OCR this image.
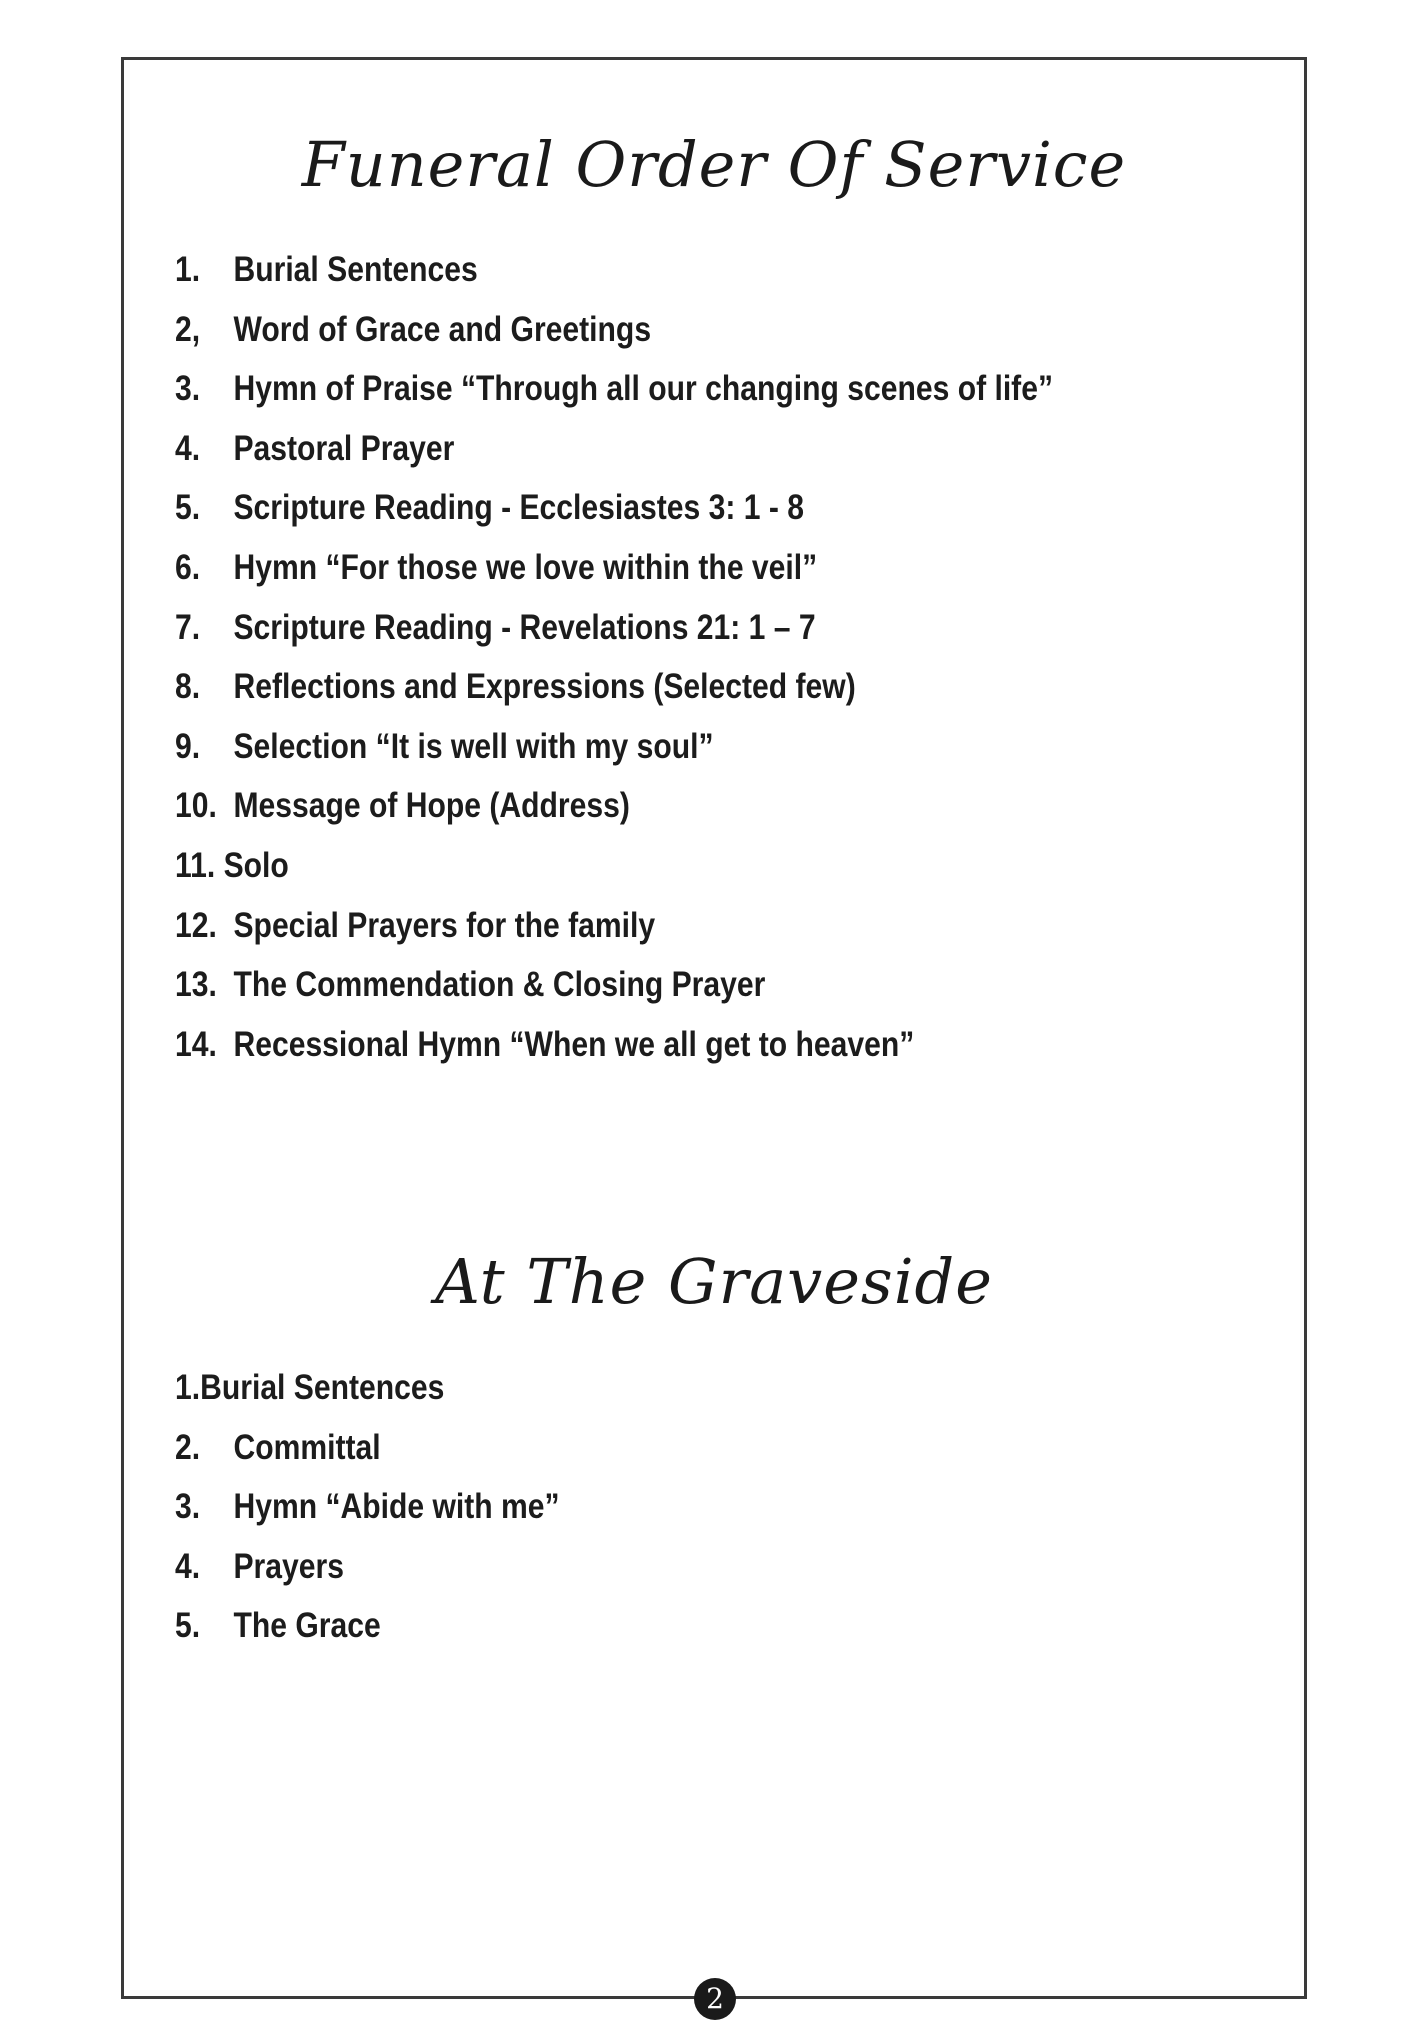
Funeral Order Of Service
1. Burial Sentences
2, Word of Grace and Greetings
3. Hymn of Praise “Through all our changing scenes of life”
4. Pastoral Prayer
5. Scripture Reading - Ecclesiastes 3: 1 - 8
6. Hymn “For those we love within the veil”
7. Scripture Reading - Revelations 21: 1 – 7
8. Reflections and Expressions (Selected few)
9. Selection “It is well with my soul”
10. Message of Hope (Address)
11. Solo
12. Special Prayers for the family
13. The Commendation & Closing Prayer
14. Recessional Hymn “When we all get to heaven”
At The Graveside
1.Burial Sentences
2. Committal
3. Hymn “Abide with me”
4. Prayers
5. The Grace
2
